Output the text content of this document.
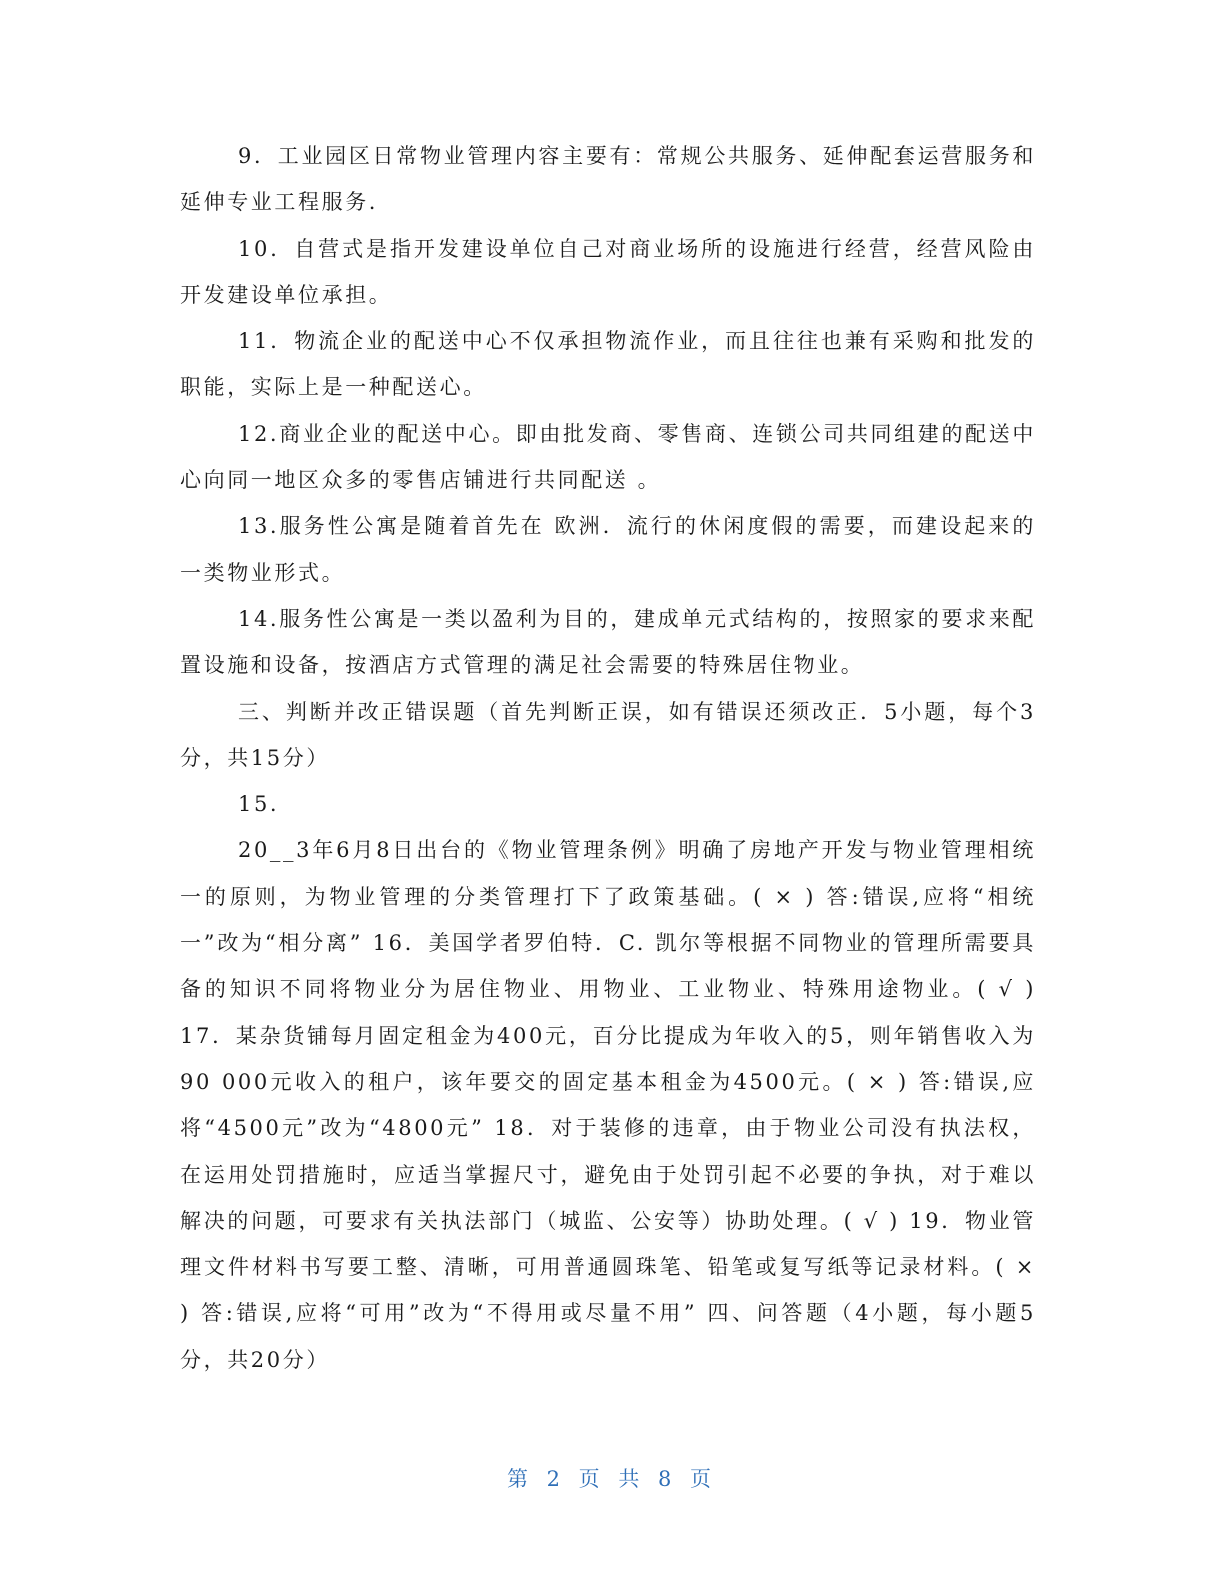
9．工业园区日常物业管理内容主要有：常规公共服务、延伸配套运营服务和延伸专业工程服务.

10．自营式是指开发建设单位自己对商业场所的设施进行经营，经营风险由开发建设单位承担。

11．物流企业的配送中心不仅承担物流作业，而且往往也兼有采购和批发的职能，实际上是一种配送心。

12.商业企业的配送中心。即由批发商、零售商、连锁公司共同组建的配送中心向同一地区众多的零售店铺进行共同配送 。

13.服务性公寓是随着首先在 欧洲．流行的休闲度假的需要，而建设起来的一类物业形式。

14.服务性公寓是一类以盈利为目的，建成单元式结构的，按照家的要求来配置设施和设备，按酒店方式管理的满足社会需要的特殊居住物业。

三、判断并改正错误题（首先判断正误，如有错误还须改正．5小题，每个3分，共15分）

15.

20__3年6月8日出台的《物业管理条例》明确了房地产开发与物业管理相统一的原则，为物业管理的分类管理打下了政策基础。( × ) 答:错误,应将“相统一”改为“相分离” 16．美国学者罗伯特．C. 凯尔等根据不同物业的管理所需要具备的知识不同将物业分为居住物业、用物业、工业物业、特殊用途物业。( √ ) 17．某杂货铺每月固定租金为400元，百分比提成为年收入的5，则年销售收入为90 000元收入的租户，该年要交的固定基本租金为4500元。( × ) 答:错误,应将“4500元”改为“4800元” 18．对于装修的违章，由于物业公司没有执法权，在运用处罚措施时，应适当掌握尺寸，避免由于处罚引起不必要的争执，对于难以解决的问题，可要求有关执法部门（城监、公安等）协助处理。( √ ) 19．物业管理文件材料书写要工整、清晰，可用普通圆珠笔、铅笔或复写纸等记录材料。( × ) 答:错误,应将“可用”改为“不得用或尽量不用” 四、问答题（4小题，每小题5分，共20分）

第 2 页 共 8 页
